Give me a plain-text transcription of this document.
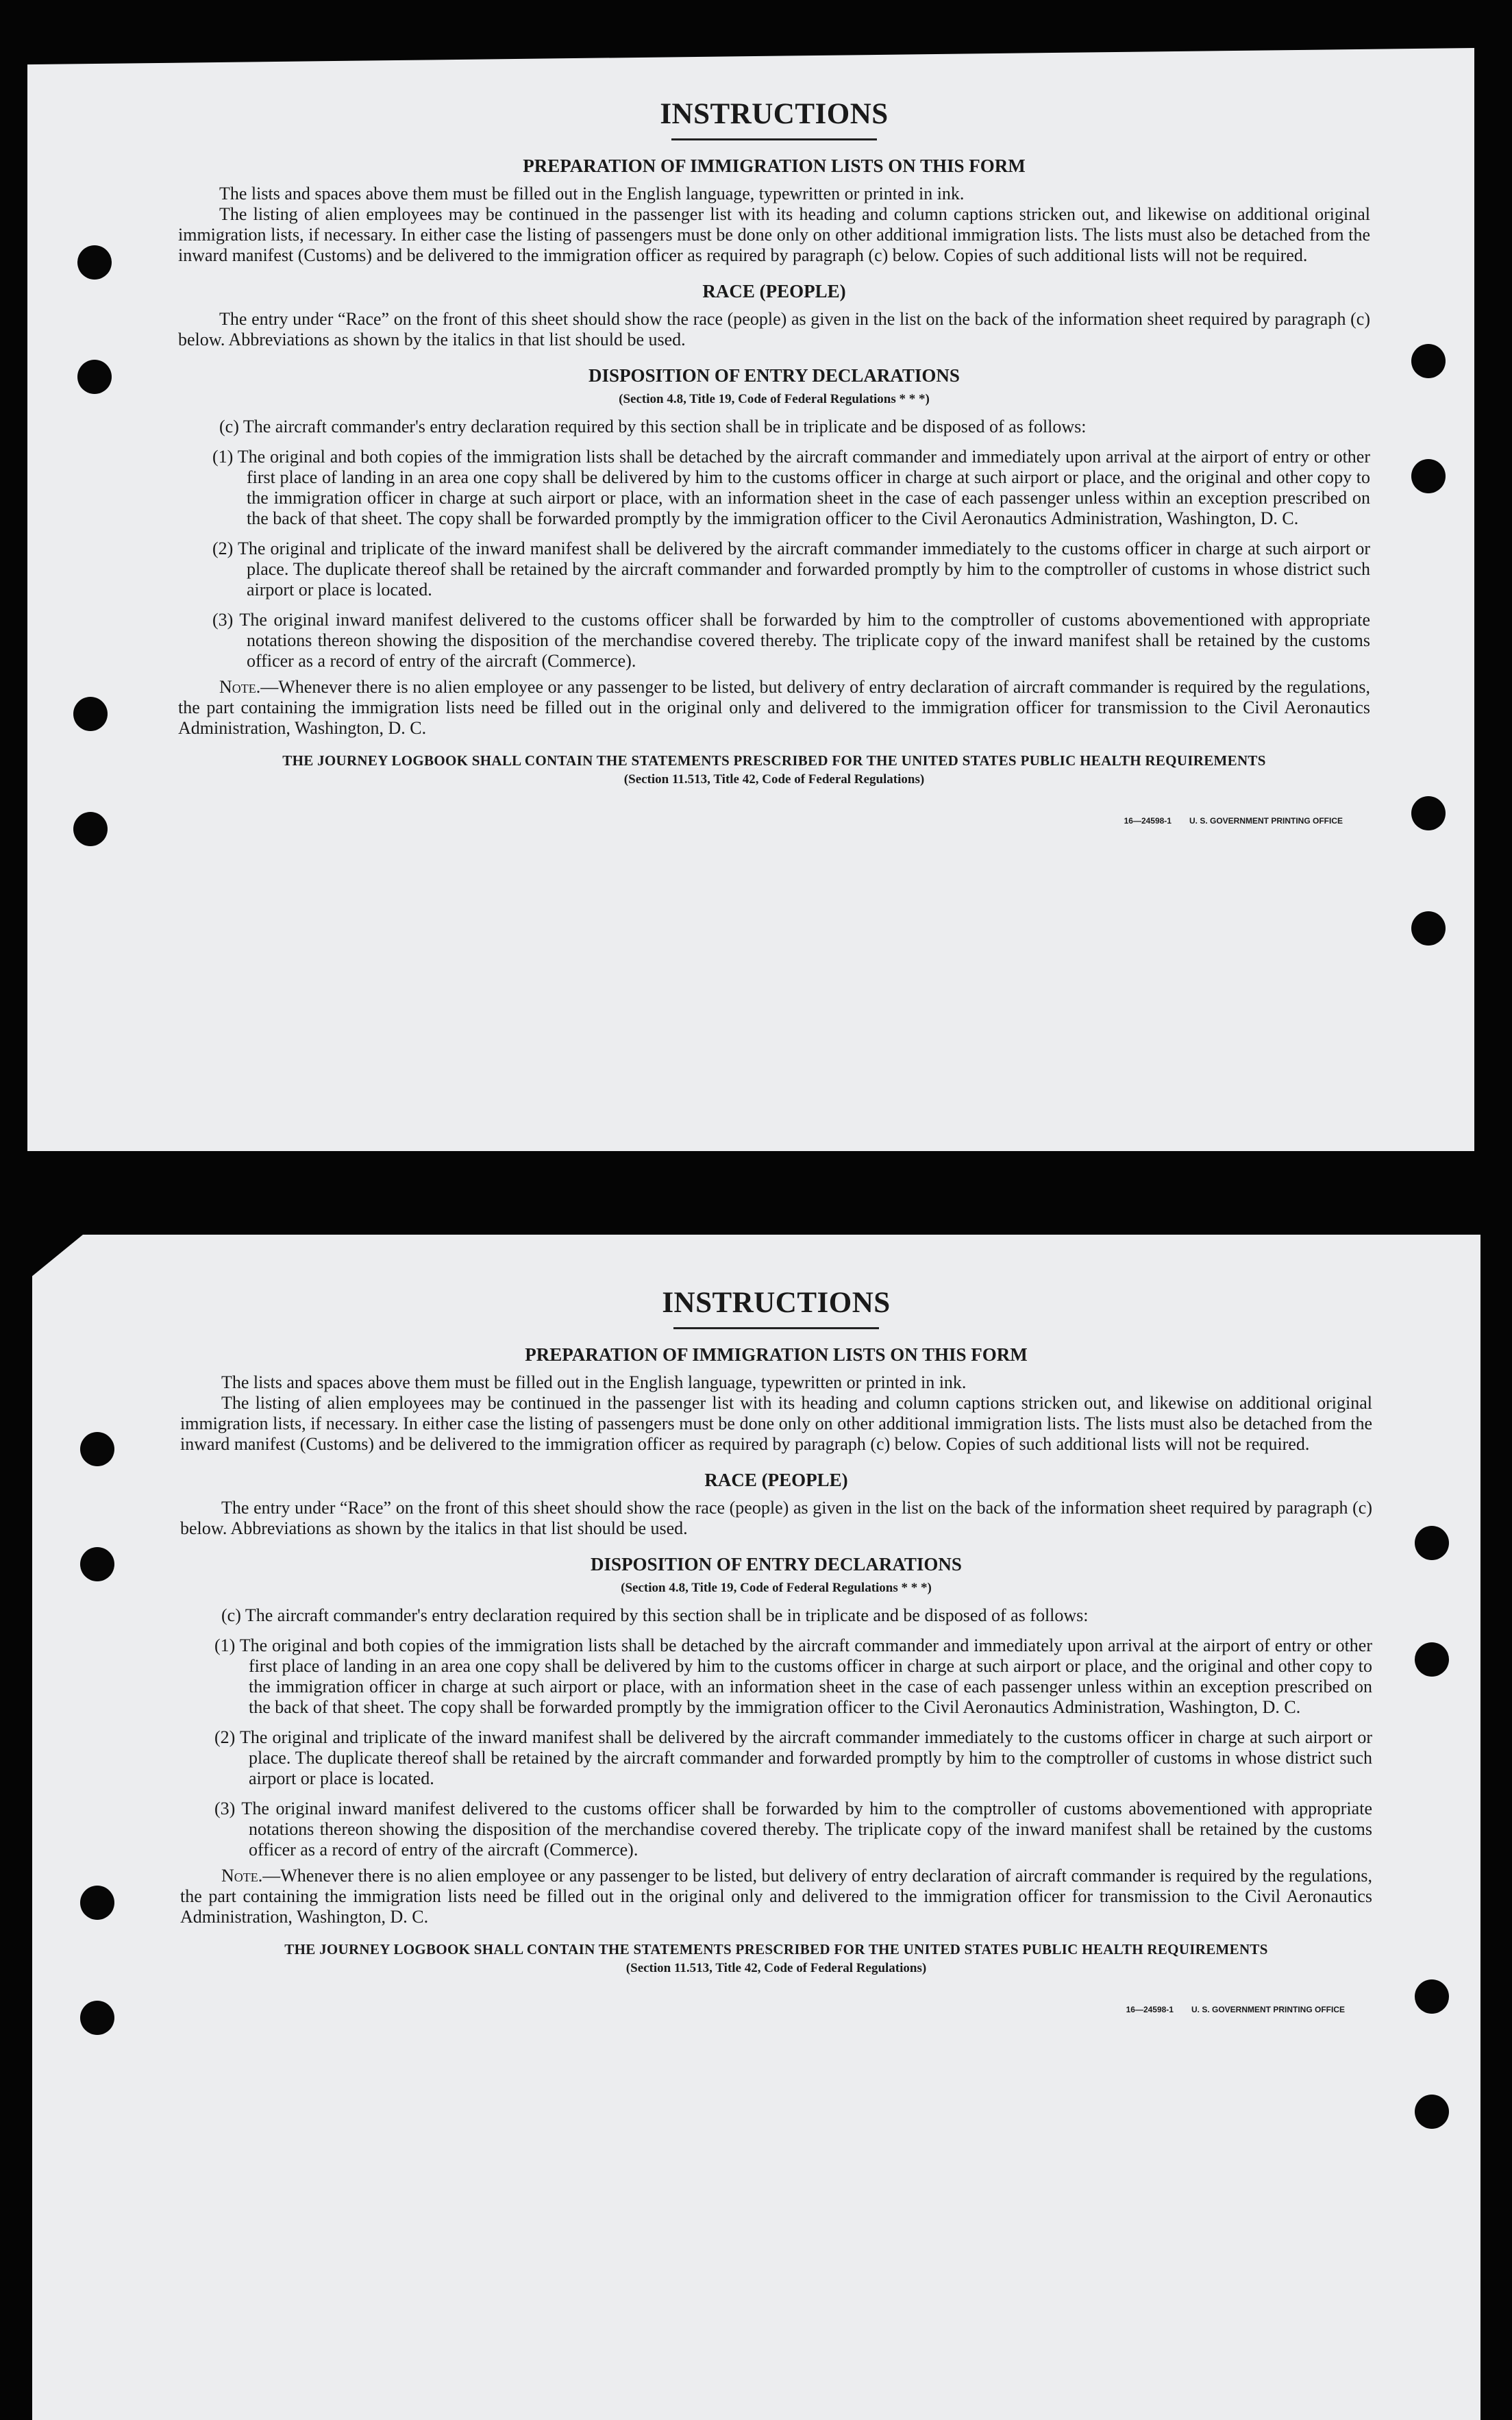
INSTRUCTIONS
PREPARATION OF IMMIGRATION LISTS ON THIS FORM

The lists and spaces above them must be filled out in the English language, typewritten or printed in ink.

The listing of alien employees may be continued in the passenger list with its heading and column captions stricken out, and likewise on additional original immigration lists, if necessary. In either case the listing of passengers must be done only on other additional immigration lists. The lists must also be detached from the inward manifest (Customs) and be delivered to the immigration officer as required by paragraph (c) below. Copies of such additional lists will not be required.

RACE (PEOPLE)

The entry under “Race” on the front of this sheet should show the race (people) as given in the list on the back of the information sheet required by paragraph (c) below. Abbreviations as shown by the italics in that list should be used.

DISPOSITION OF ENTRY DECLARATIONS
(Section 4.8, Title 19, Code of Federal Regulations * * *)

(c) The aircraft commander's entry declaration required by this section shall be in triplicate and be disposed of as follows:

(1) The original and both copies of the immigration lists shall be detached by the aircraft commander and immediately upon arrival at the airport of entry or other first place of landing in an area one copy shall be delivered by him to the customs officer in charge at such airport or place, and the original and other copy to the immigration officer in charge at such airport or place, with an information sheet in the case of each passenger unless within an exception prescribed on the back of that sheet. The copy shall be forwarded promptly by the immigration officer to the Civil Aeronautics Administration, Washington, D. C.

(2) The original and triplicate of the inward manifest shall be delivered by the aircraft commander immediately to the customs officer in charge at such airport or place. The duplicate thereof shall be retained by the aircraft commander and forwarded promptly by him to the comptroller of customs in whose district such airport or place is located.

(3) The original inward manifest delivered to the customs officer shall be forwarded by him to the comptroller of customs abovementioned with appropriate notations thereon showing the disposition of the merchandise covered thereby. The triplicate copy of the inward manifest shall be retained by the customs officer as a record of entry of the aircraft (Commerce).

Note.—Whenever there is no alien employee or any passenger to be listed, but delivery of entry declaration of aircraft commander is required by the regulations, the part containing the immigration lists need be filled out in the original only and delivered to the immigration officer for transmission to the Civil Aeronautics Administration, Washington, D. C.

THE JOURNEY LOGBOOK SHALL CONTAIN THE STATEMENTS PRESCRIBED FOR THE UNITED STATES PUBLIC HEALTH REQUIREMENTS
(Section 11.513, Title 42, Code of Federal Regulations)
16—24598-1 U. S. GOVERNMENT PRINTING OFFICE
INSTRUCTIONS
PREPARATION OF IMMIGRATION LISTS ON THIS FORM

The lists and spaces above them must be filled out in the English language, typewritten or printed in ink.

The listing of alien employees may be continued in the passenger list with its heading and column captions stricken out, and likewise on additional original immigration lists, if necessary. In either case the listing of passengers must be done only on other additional immigration lists. The lists must also be detached from the inward manifest (Customs) and be delivered to the immigration officer as required by paragraph (c) below. Copies of such additional lists will not be required.

RACE (PEOPLE)

The entry under “Race” on the front of this sheet should show the race (people) as given in the list on the back of the information sheet required by paragraph (c) below. Abbreviations as shown by the italics in that list should be used.

DISPOSITION OF ENTRY DECLARATIONS
(Section 4.8, Title 19, Code of Federal Regulations * * *)

(c) The aircraft commander's entry declaration required by this section shall be in triplicate and be disposed of as follows:

(1) The original and both copies of the immigration lists shall be detached by the aircraft commander and immediately upon arrival at the airport of entry or other first place of landing in an area one copy shall be delivered by him to the customs officer in charge at such airport or place, and the original and other copy to the immigration officer in charge at such airport or place, with an information sheet in the case of each passenger unless within an exception prescribed on the back of that sheet. The copy shall be forwarded promptly by the immigration officer to the Civil Aeronautics Administration, Washington, D. C.

(2) The original and triplicate of the inward manifest shall be delivered by the aircraft commander immediately to the customs officer in charge at such airport or place. The duplicate thereof shall be retained by the aircraft commander and forwarded promptly by him to the comptroller of customs in whose district such airport or place is located.

(3) The original inward manifest delivered to the customs officer shall be forwarded by him to the comptroller of customs abovementioned with appropriate notations thereon showing the disposition of the merchandise covered thereby. The triplicate copy of the inward manifest shall be retained by the customs officer as a record of entry of the aircraft (Commerce).

Note.—Whenever there is no alien employee or any passenger to be listed, but delivery of entry declaration of aircraft commander is required by the regulations, the part containing the immigration lists need be filled out in the original only and delivered to the immigration officer for transmission to the Civil Aeronautics Administration, Washington, D. C.

THE JOURNEY LOGBOOK SHALL CONTAIN THE STATEMENTS PRESCRIBED FOR THE UNITED STATES PUBLIC HEALTH REQUIREMENTS
(Section 11.513, Title 42, Code of Federal Regulations)
16—24598-1 U. S. GOVERNMENT PRINTING OFFICE
